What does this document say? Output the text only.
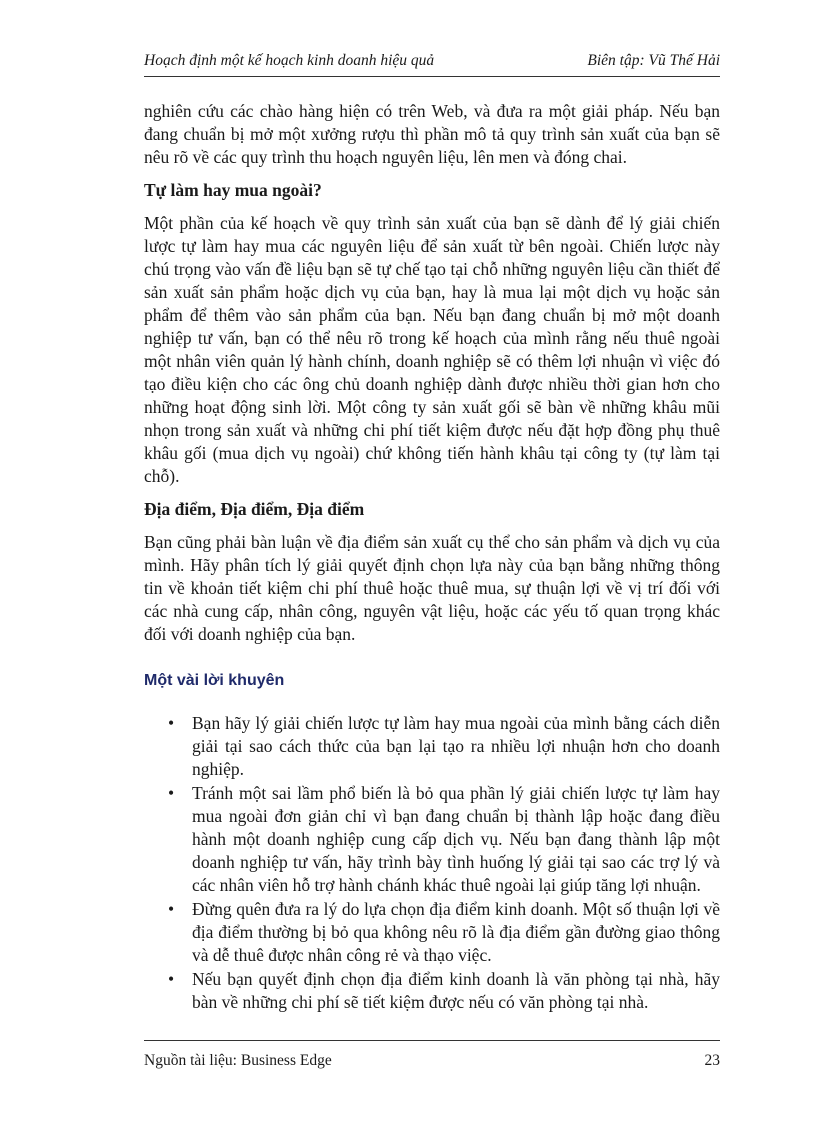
Hoạch định một kế hoạch kinh doanh hiệu quả	Biên tập: Vũ Thế Hải

nghiên cứu các chào hàng hiện có trên Web, và đưa ra một giải pháp. Nếu bạn đang chuẩn bị mở một xưởng rượu thì phần mô tả quy trình sản xuất của bạn sẽ nêu rõ về các quy trình thu hoạch nguyên liệu, lên men và đóng chai.

Tự làm hay mua ngoài?

Một phần của kế hoạch về quy trình sản xuất của bạn sẽ dành để lý giải chiến lược tự làm hay mua các nguyên liệu để sản xuất từ bên ngoài. Chiến lược này chú trọng vào vấn đề liệu bạn sẽ tự chế tạo tại chỗ những nguyên liệu cần thiết để sản xuất sản phẩm hoặc dịch vụ của bạn, hay là mua lại một dịch vụ hoặc sản phẩm để thêm vào sản phẩm của bạn. Nếu bạn đang chuẩn bị mở một doanh nghiệp tư vấn, bạn có thể nêu rõ trong kế hoạch của mình rằng nếu thuê ngoài một nhân viên quản lý hành chính, doanh nghiệp sẽ có thêm lợi nhuận vì việc đó tạo điều kiện cho các ông chủ doanh nghiệp dành được nhiều thời gian hơn cho những hoạt động sinh lời. Một công ty sản xuất gối sẽ bàn về những khâu mũi nhọn trong sản xuất và những chi phí tiết kiệm được nếu đặt hợp đồng phụ thuê khâu gối (mua dịch vụ ngoài) chứ không tiến hành khâu tại công ty (tự làm tại chỗ).

Địa điểm, Địa điểm, Địa điểm

Bạn cũng phải bàn luận về địa điểm sản xuất cụ thể cho sản phẩm và dịch vụ của mình. Hãy phân tích lý giải quyết định chọn lựa này của bạn bằng những thông tin về khoản tiết kiệm chi phí thuê hoặc thuê mua, sự thuận lợi về vị trí đối với các nhà cung cấp, nhân công, nguyên vật liệu, hoặc các yếu tố quan trọng khác đối với doanh nghiệp của bạn.

Một vài lời khuyên
• Bạn hãy lý giải chiến lược tự làm hay mua ngoài của mình bằng cách diễn giải tại sao cách thức của bạn lại tạo ra nhiều lợi nhuận hơn cho doanh nghiệp.
• Tránh một sai lầm phổ biến là bỏ qua phần lý giải chiến lược tự làm hay mua ngoài đơn giản chỉ vì bạn đang chuẩn bị thành lập hoặc đang điều hành một doanh nghiệp cung cấp dịch vụ. Nếu bạn đang thành lập một doanh nghiệp tư vấn, hãy trình bày tình huống lý giải tại sao các trợ lý và các nhân viên hỗ trợ hành chánh khác thuê ngoài lại giúp tăng lợi nhuận.
• Đừng quên đưa ra lý do lựa chọn địa điểm kinh doanh. Một số thuận lợi về địa điểm thường bị bỏ qua không nêu rõ là địa điểm gần đường giao thông và dễ thuê được nhân công rẻ và thạo việc.
• Nếu bạn quyết định chọn địa điểm kinh doanh là văn phòng tại nhà, hãy bàn về những chi phí sẽ tiết kiệm được nếu có văn phòng tại nhà.
Nguồn tài liệu: Business Edge	23
